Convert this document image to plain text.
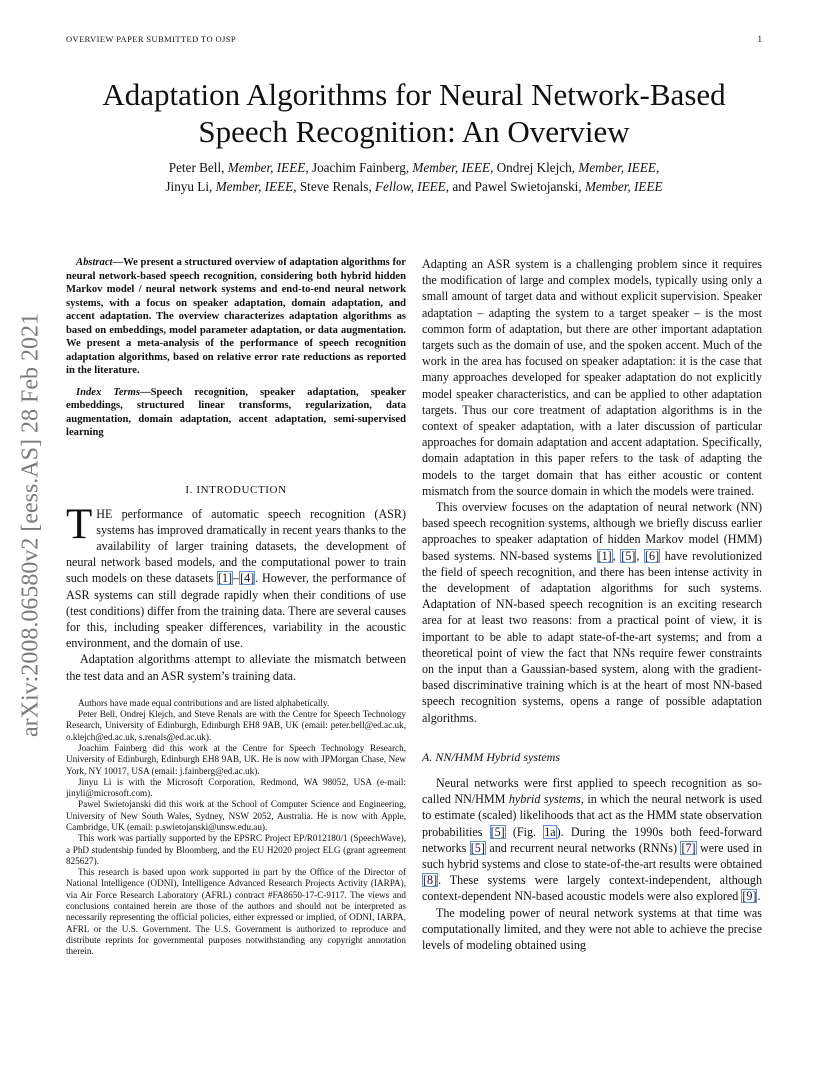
OVERVIEW PAPER SUBMITTED TO OJSP	1
arXiv:2008.06580v2 [eess.AS] 28 Feb 2021
Adaptation Algorithms for Neural Network-Based
Speech Recognition: An Overview
Peter Bell, Member, IEEE, Joachim Fainberg, Member, IEEE, Ondrej Klejch, Member, IEEE,
Jinyu Li, Member, IEEE, Steve Renals, Fellow, IEEE, and Pawel Swietojanski, Member, IEEE

Abstract—We present a structured overview of adaptation algorithms for neural network-based speech recognition, considering both hybrid hidden Markov model / neural network systems and end-to-end neural network systems, with a focus on speaker adaptation, domain adaptation, and accent adaptation. The overview characterizes adaptation algorithms as based on embeddings, model parameter adaptation, or data augmentation. We present a meta-analysis of the performance of speech recognition adaptation algorithms, based on relative error rate reductions as reported in the literature.

Index Terms—Speech recognition, speaker adaptation, speaker embeddings, structured linear transforms, regularization, data augmentation, domain adaptation, accent adaptation, semi-supervised learning

I. INTRODUCTION

THE performance of automatic speech recognition (ASR) systems has improved dramatically in recent years thanks to the availability of larger training datasets, the development of neural network based models, and the computational power to train such models on these datasets [1]–[4]. However, the performance of ASR systems can still degrade rapidly when their conditions of use (test conditions) differ from the training data. There are several causes for this, including speaker differences, variability in the acoustic environment, and the domain of use.

Adaptation algorithms attempt to alleviate the mismatch between the test data and an ASR system’s training data.

Authors have made equal contributions and are listed alphabetically.

Peter Bell, Ondrej Klejch, and Steve Renals are with the Centre for Speech Technology Research, University of Edinburgh, Edinburgh EH8 9AB, UK (email: peter.bell@ed.ac.uk, o.klejch@ed.ac.uk, s.renals@ed.ac.uk).

Joachim Fainberg did this work at the Centre for Speech Technology Research, University of Edinburgh, Edinburgh EH8 9AB, UK. He is now with JPMorgan Chase, New York, NY 10017, USA (email: j.fainberg@ed.ac.uk).

Jinyu Li is with the Microsoft Corporation, Redmond, WA 98052, USA (e-mail: jinyli@microsoft.com).

Pawel Swietojanski did this work at the School of Computer Science and Engineering, University of New South Wales, Sydney, NSW 2052, Australia. He is now with Apple, Cambridge, UK (email: p.swietojanski@unsw.edu.au).

This work was partially supported by the EPSRC Project EP/R012180/1 (SpeechWave), a PhD studentship funded by Bloomberg, and the EU H2020 project ELG (grant agreement 825627).

This research is based upon work supported in part by the Office of the Director of National Intelligence (ODNI), Intelligence Advanced Research Projects Activity (IARPA), via Air Force Research Laboratory (AFRL) contract #FA8650-17-C-9117. The views and conclusions contained herein are those of the authors and should not be interpreted as necessarily representing the official policies, either expressed or implied, of ODNI, IARPA, AFRL or the U.S. Government. The U.S. Government is authorized to reproduce and distribute reprints for governmental purposes notwithstanding any copyright annotation therein.

Adapting an ASR system is a challenging problem since it requires the modification of large and complex models, typically using only a small amount of target data and without explicit supervision. Speaker adaptation – adapting the system to a target speaker – is the most common form of adaptation, but there are other important adaptation targets such as the domain of use, and the spoken accent. Much of the work in the area has focused on speaker adaptation: it is the case that many approaches developed for speaker adaptation do not explicitly model speaker characteristics, and can be applied to other adaptation targets. Thus our core treatment of adaptation algorithms is in the context of speaker adaptation, with a later discussion of particular approaches for domain adaptation and accent adaptation. Specifically, domain adaptation in this paper refers to the task of adapting the models to the target domain that has either acoustic or content mismatch from the source domain in which the models were trained.

This overview focuses on the adaptation of neural network (NN) based speech recognition systems, although we briefly discuss earlier approaches to speaker adaptation of hidden Markov model (HMM) based systems. NN-based systems [1], [5], [6] have revolutionized the field of speech recognition, and there has been intense activity in the development of adaptation algorithms for such systems. Adaptation of NN-based speech recognition is an exciting research area for at least two reasons: from a practical point of view, it is important to be able to adapt state-of-the-art systems; and from a theoretical point of view the fact that NNs require fewer constraints on the input than a Gaussian-based system, along with the gradient-based discriminative training which is at the heart of most NN-based speech recognition systems, opens a range of possible adaptation algorithms.

A. NN/HMM Hybrid systems

Neural networks were first applied to speech recognition as so-called NN/HMM hybrid systems, in which the neural network is used to estimate (scaled) likelihoods that act as the HMM state observation probabilities [5] (Fig. 1a). During the 1990s both feed-forward networks [5] and recurrent neural networks (RNNs) [7] were used in such hybrid systems and close to state-of-the-art results were obtained [8]. These systems were largely context-independent, although context-dependent NN-based acoustic models were also explored [9].

The modeling power of neural network systems at that time was computationally limited, and they were not able to achieve the precise levels of modeling obtained using
